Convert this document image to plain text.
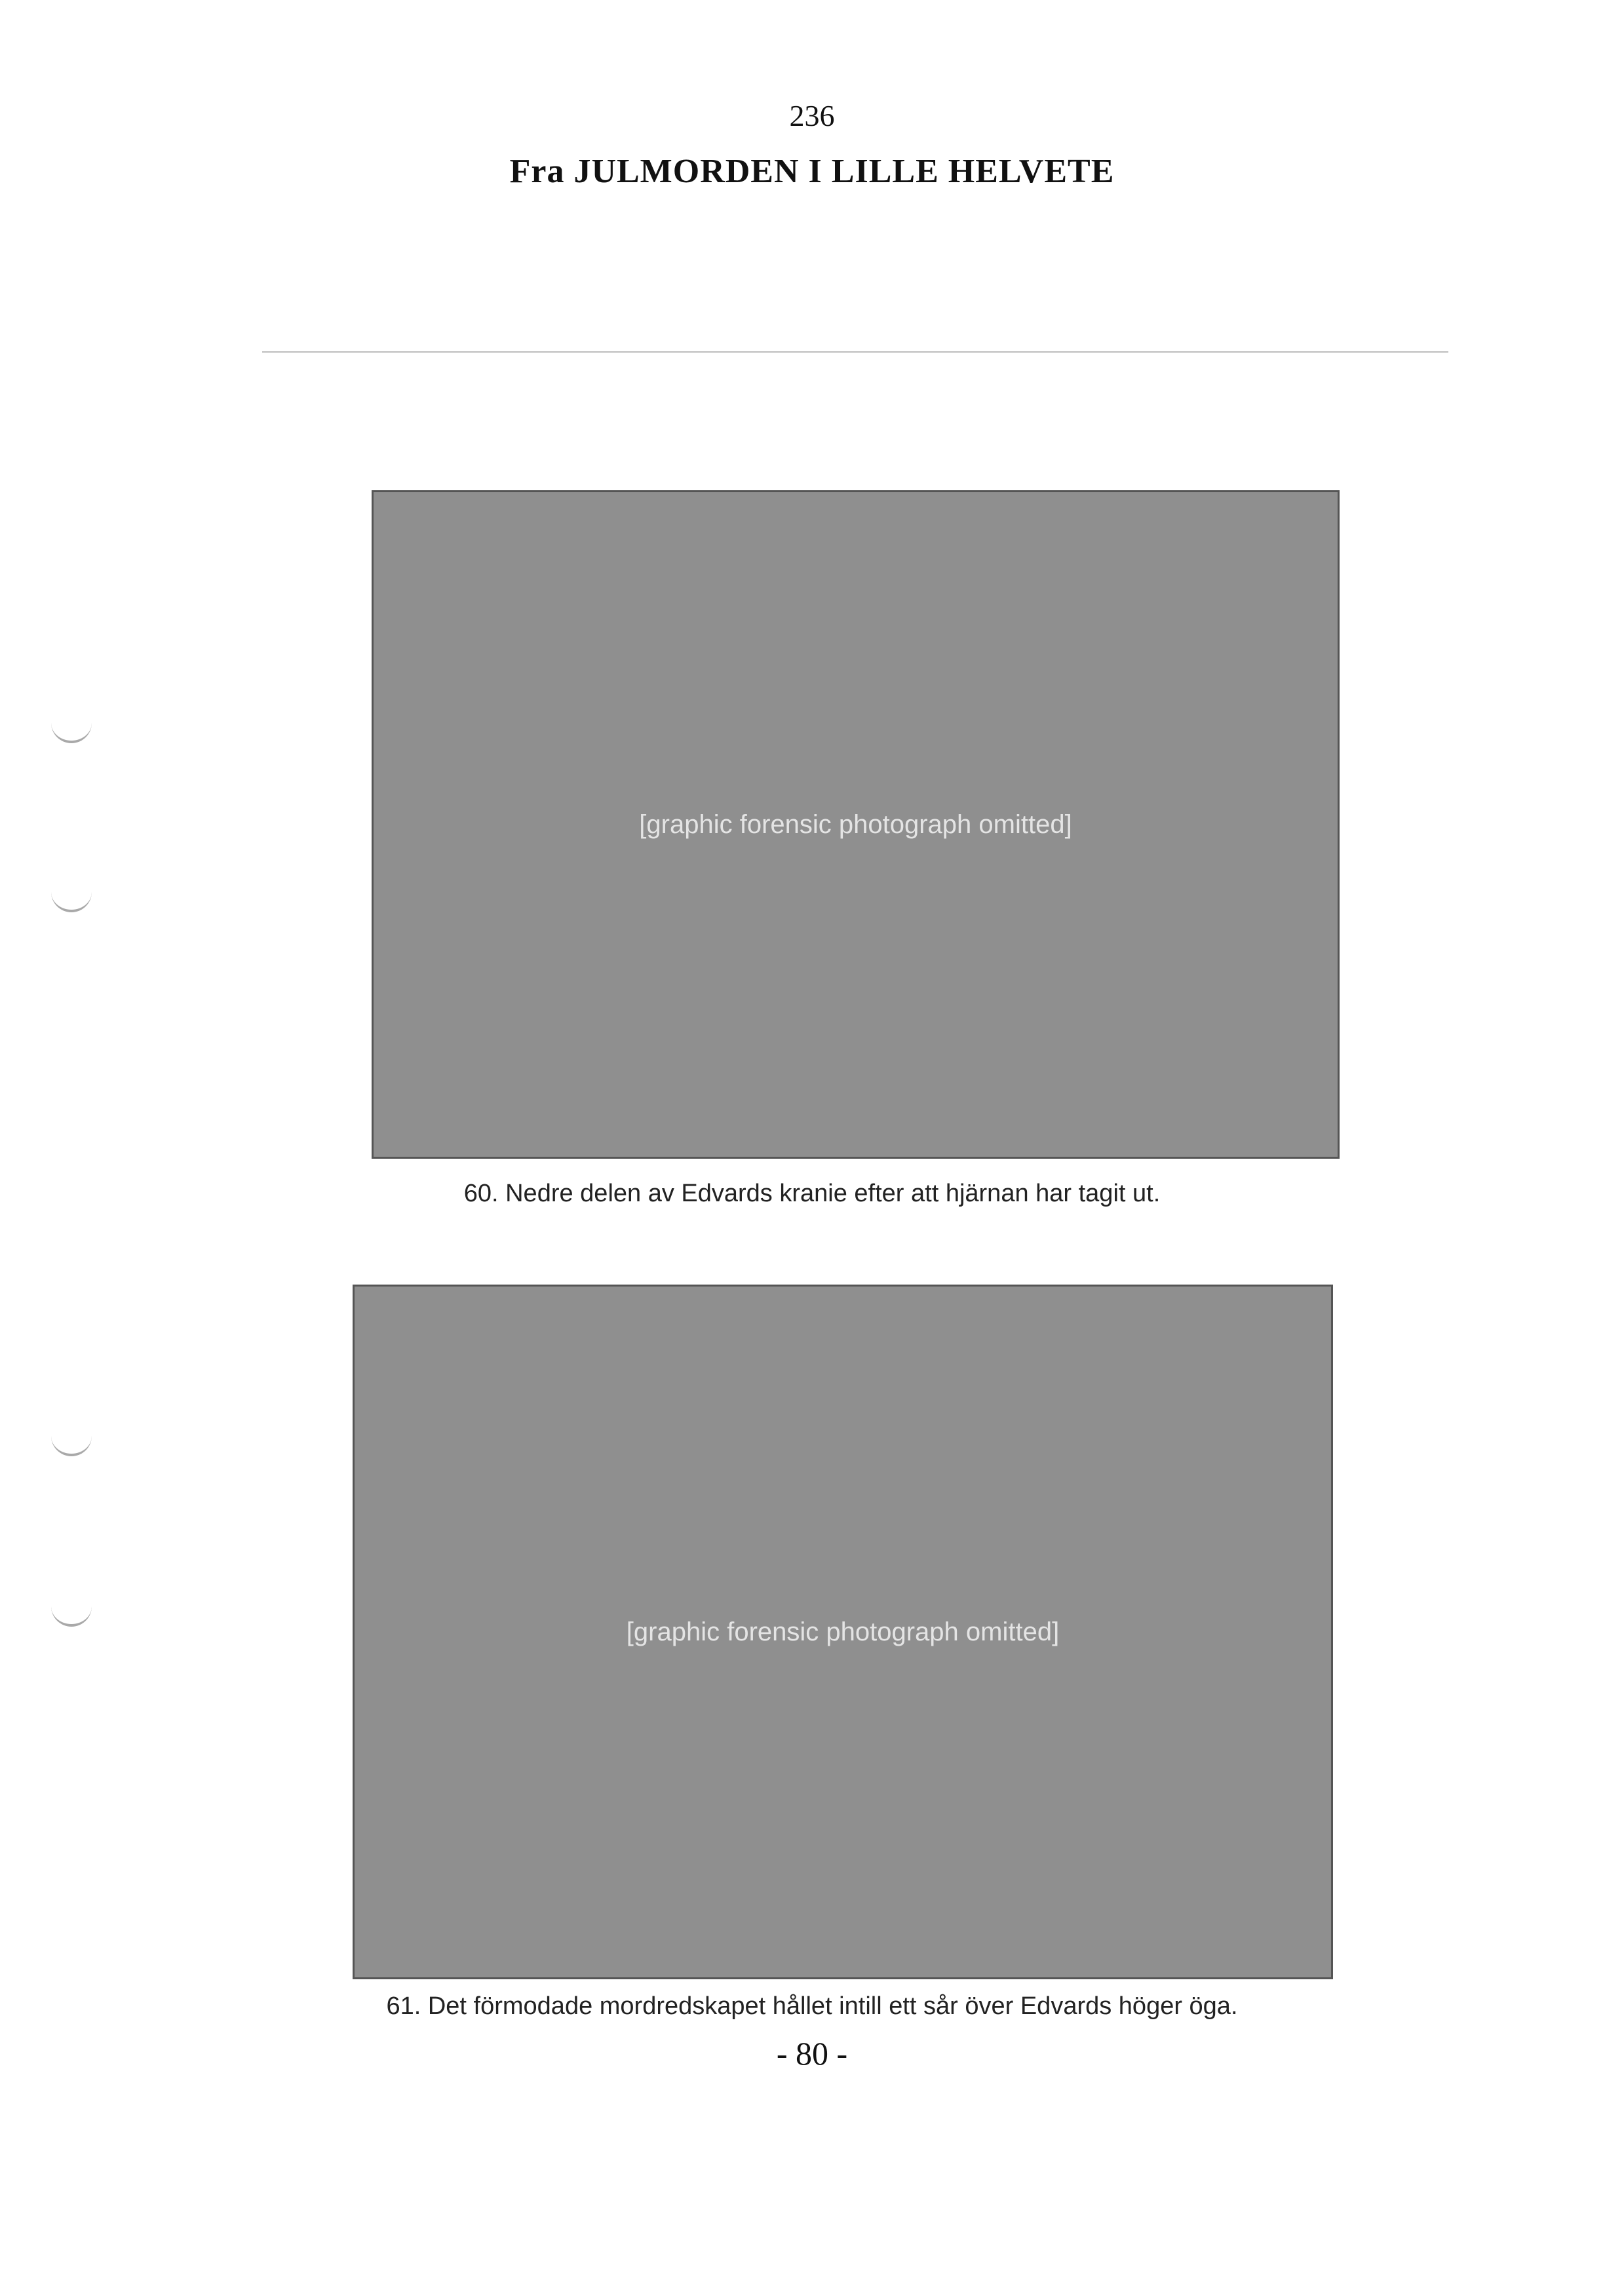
236
Fra JULMORDEN I LILLE HELVETE
[graphic forensic photograph omitted]
60. Nedre delen av Edvards kranie efter att hjärnan har tagit ut.
[graphic forensic photograph omitted]
61. Det förmodade mordredskapet hållet intill ett sår över Edvards höger öga.
- 80 -
